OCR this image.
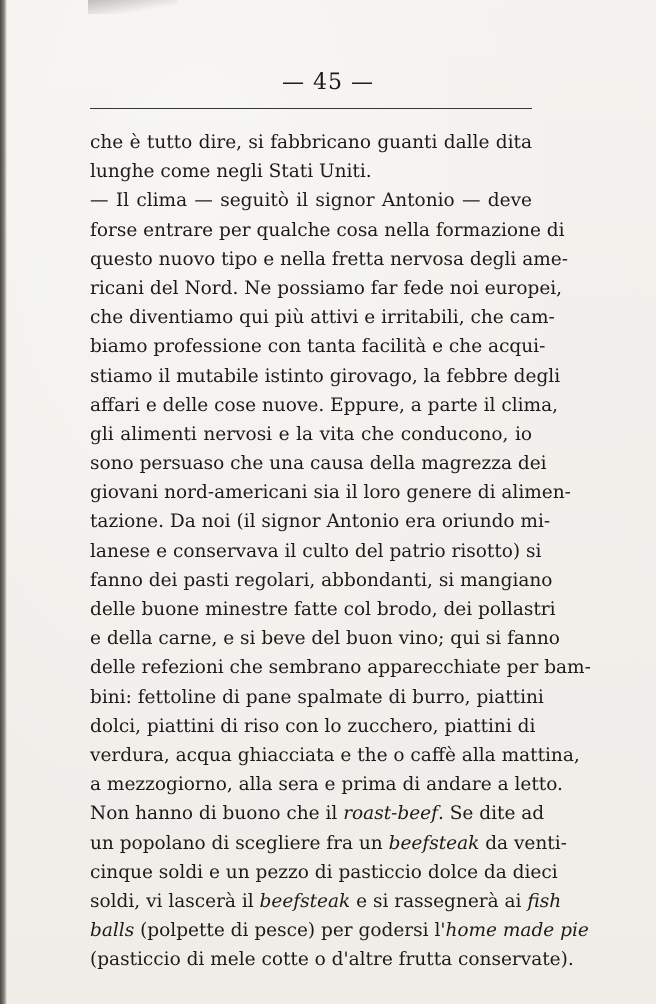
— 45 —
che è tutto dire, si fabbricano guanti dalle dita
lunghe come negli Stati Uniti.
— Il clima — seguitò il signor Antonio — deve
forse entrare per qualche cosa nella formazione di
questo nuovo tipo e nella fretta nervosa degli ame-
ricani del Nord. Ne possiamo far fede noi europei,
che diventiamo qui più attivi e irritabili, che cam-
biamo professione con tanta facilità e che acqui-
stiamo il mutabile istinto girovago, la febbre degli
affari e delle cose nuove. Eppure, a parte il clima,
gli alimenti nervosi e la vita che conducono, io
sono persuaso che una causa della magrezza dei
giovani nord-americani sia il loro genere di alimen-
tazione. Da noi (il signor Antonio era oriundo mi-
lanese e conservava il culto del patrio risotto) si
fanno dei pasti regolari, abbondanti, si mangiano
delle buone minestre fatte col brodo, dei pollastri
e della carne, e si beve del buon vino; qui si fanno
delle refezioni che sembrano apparecchiate per bam-
bini: fettoline di pane spalmate di burro, piattini
dolci, piattini di riso con lo zucchero, piattini di
verdura, acqua ghiacciata e the o caffè alla mattina,
a mezzogiorno, alla sera e prima di andare a letto.
Non hanno di buono che il roast-beef. Se dite ad
un popolano di scegliere fra un beefsteak da venti-
cinque soldi e un pezzo di pasticcio dolce da dieci
soldi, vi lascerà il beefsteak e si rassegnerà ai fish
balls (polpette di pesce) per godersi l'home made pie
(pasticcio di mele cotte o d'altre frutta conservate).
